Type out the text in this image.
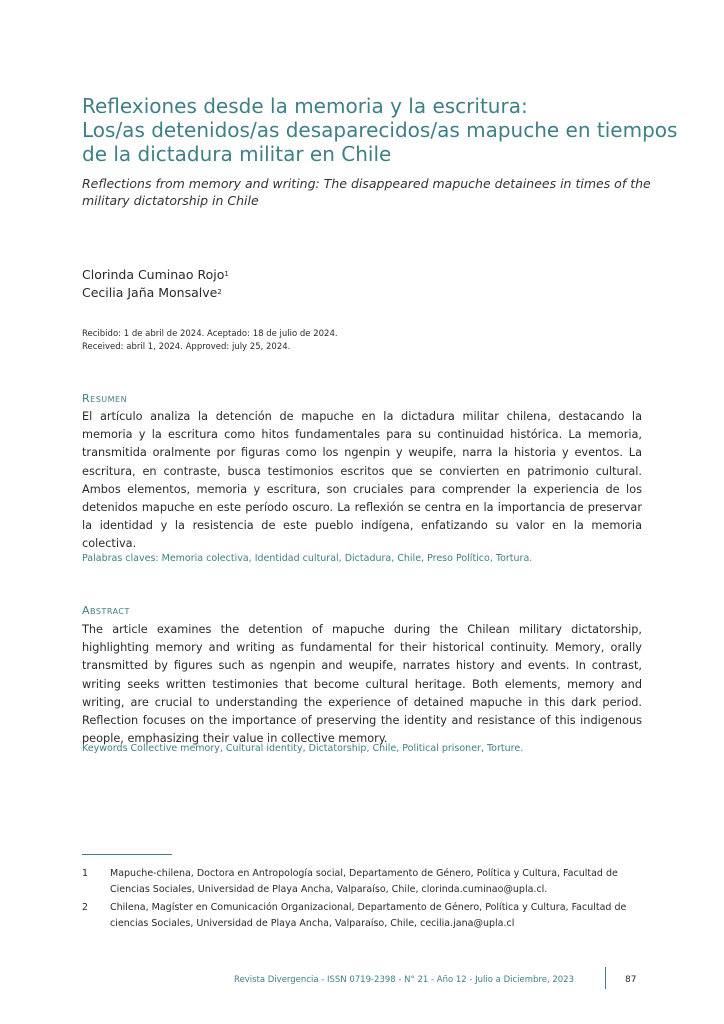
Reflexiones desde la memoria y la escritura:
Los/as detenidos/as desaparecidos/as mapuche en tiempos
de la dictadura militar en Chile
Reflections from memory and writing: The disappeared mapuche detainees in times of the military dictatorship in Chile
Clorinda Cuminao Rojo$^1$
Cecilia Jaña Monsalve$^2$
Recibido: 1 de abril de 2024. Aceptado: 18 de julio de 2024.
Received: abril 1, 2024. Approved: july 25, 2024.
Resumen
El artículo analiza la detención de mapuche en la dictadura militar chilena, destacando la memoria y la escritura como hitos fundamentales para su continuidad histórica. La memoria, transmitida oralmente por figuras como los ngenpin y weupife, narra la historia y eventos. La escritura, en contraste, busca testimonios escritos que se convierten en patrimonio cultural. Ambos elementos, memoria y escritura, son cruciales para comprender la experiencia de los detenidos mapuche en este período oscuro. La reflexión se centra en la importancia de preservar la identidad y la resistencia de este pueblo indígena, enfatizando su valor en la memoria colectiva.
Palabras claves: Memoria colectiva, Identidad cultural, Dictadura, Chile, Preso Político, Tortura.
Abstract
The article examines the detention of mapuche during the Chilean military dictatorship, highlighting memory and writing as fundamental for their historical continuity. Memory, orally transmitted by figures such as ngenpin and weupife, narrates history and events. In contrast, writing seeks written testimonies that become cultural heritage. Both elements, memory and writing, are crucial to understanding the experience of detained mapuche in this dark period. Reflection focuses on the importance of preserving the identity and resistance of this indigenous people, emphasizing their value in collective memory.
Keywords Collective memory, Cultural identity, Dictatorship, Chile, Political prisoner, Torture.
1 Mapuche-chilena, Doctora en Antropología social, Departamento de Género, Política y Cultura, Facultad de Ciencias Sociales, Universidad de Playa Ancha, Valparaíso, Chile, clorinda.cuminao@upla.cl.
2 Chilena, Magíster en Comunicación Organizacional, Departamento de Género, Política y Cultura, Facultad de ciencias Sociales, Universidad de Playa Ancha, Valparaíso, Chile, cecilia.jana@upla.cl
Revista Divergencia - ISSN 0719-2398 - N° 21 - Año 12 - Julio a Diciembre, 2023	87
